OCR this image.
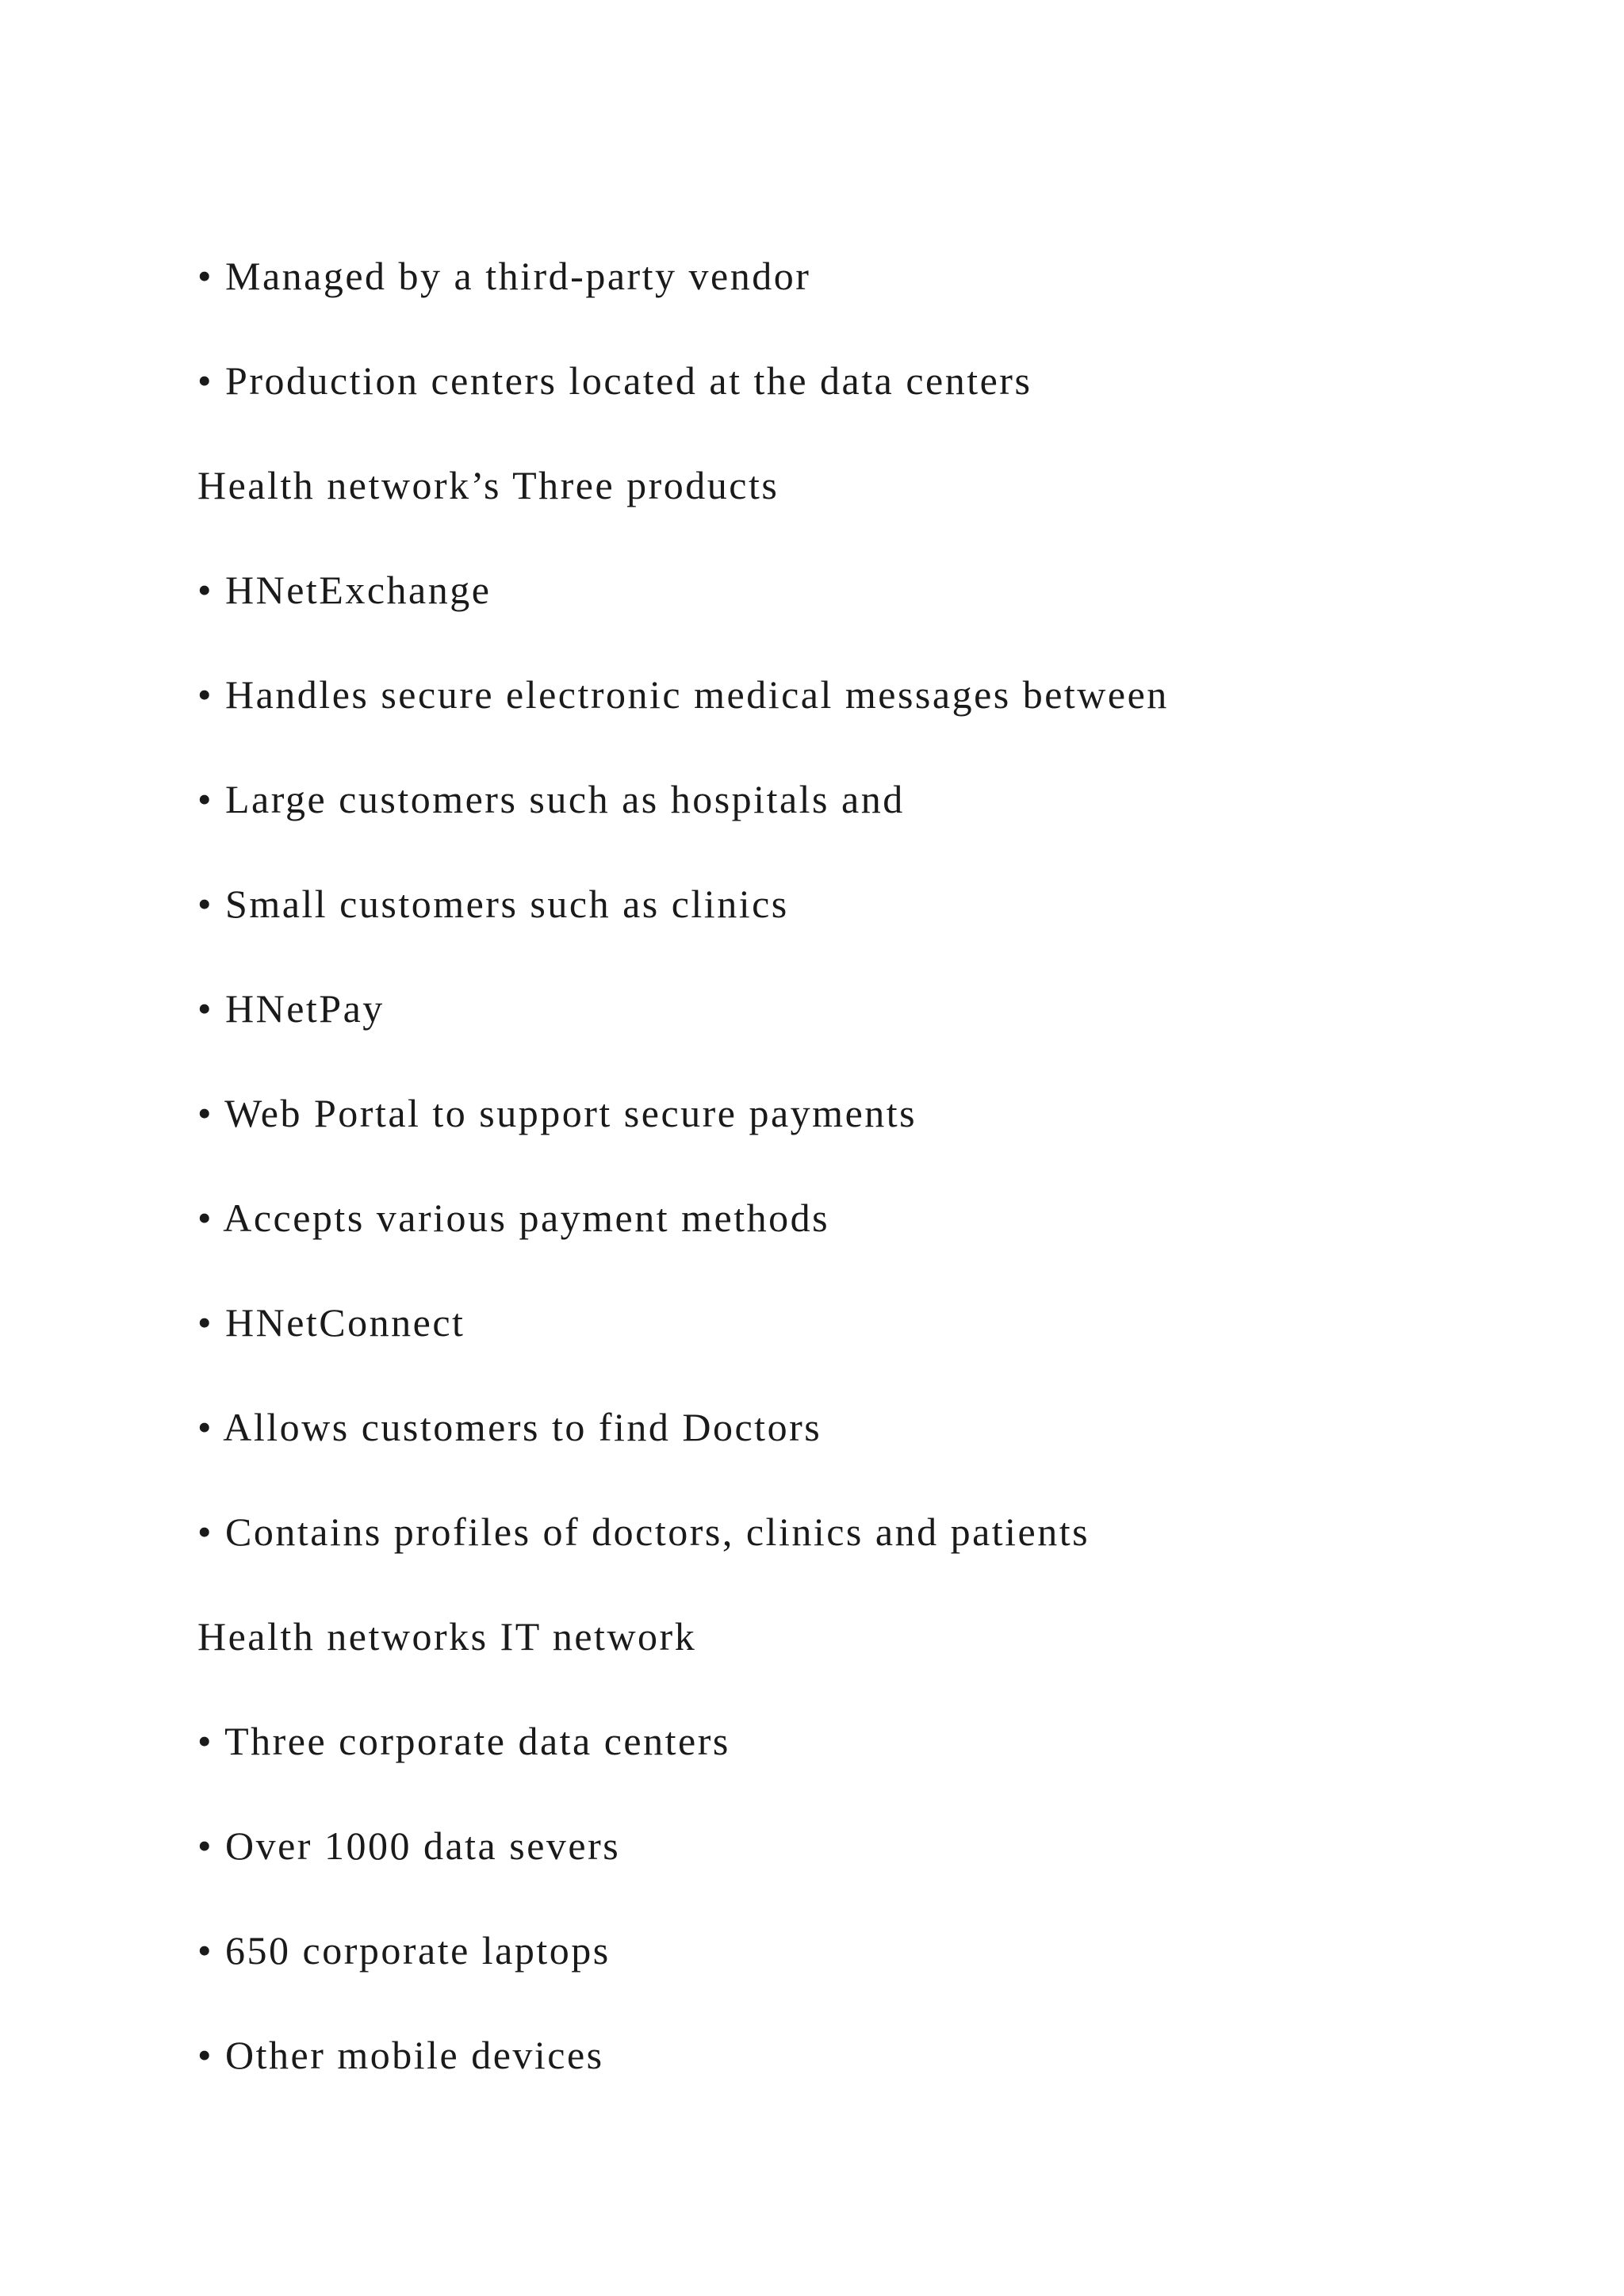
• Managed by a third-party vendor
• Production centers located at the data centers
Health network’s Three products
• HNetExchange
• Handles secure electronic medical messages between
• Large customers such as hospitals and
• Small customers such as clinics
• HNetPay
• Web Portal to support secure payments
• Accepts various payment methods
• HNetConnect
• Allows customers to find Doctors
• Contains profiles of doctors, clinics and patients
Health networks IT network
• Three corporate data centers
• Over 1000 data severs
• 650 corporate laptops
• Other mobile devices
